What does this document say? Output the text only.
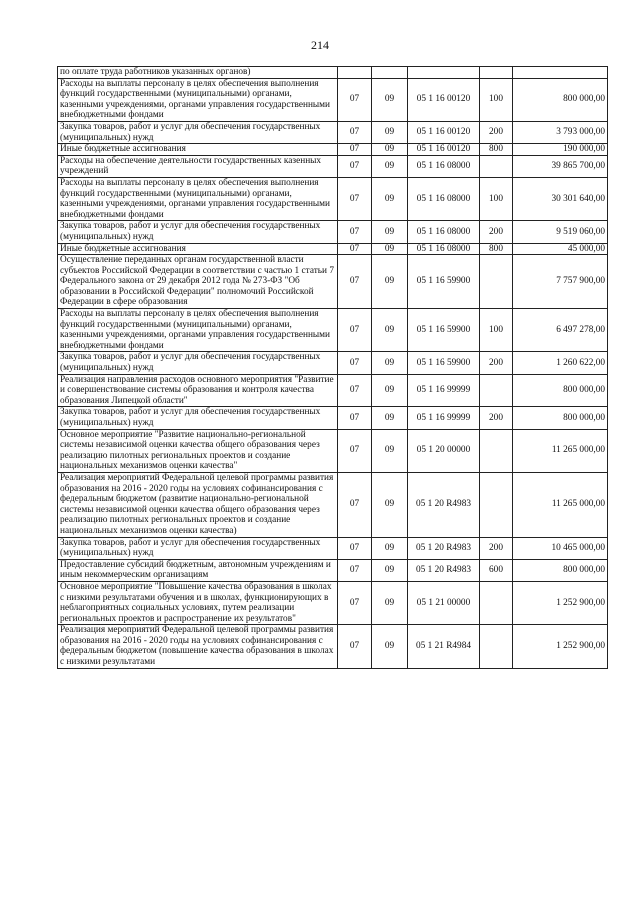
214
по оплате труда работников указанных органов)					
Расходы на выплаты персоналу в целях обеспечения выполнения функций государственными (муниципальными) органами, казенными учреждениями, органами управления государственными внебюджетными фондами	07	09	05 1 16 00120	100	800 000,00
Закупка товаров, работ и услуг для обеспечения государственных (муниципальных) нужд	07	09	05 1 16 00120	200	3 793 000,00
Иные бюджетные ассигнования	07	09	05 1 16 00120	800	190 000,00
Расходы на обеспечение деятельности государственных казенных учреждений	07	09	05 1 16 08000		39 865 700,00
Расходы на выплаты персоналу в целях обеспечения выполнения функций государственными (муниципальными) органами, казенными учреждениями, органами управления государственными внебюджетными фондами	07	09	05 1 16 08000	100	30 301 640,00
Закупка товаров, работ и услуг для обеспечения государственных (муниципальных) нужд	07	09	05 1 16 08000	200	9 519 060,00
Иные бюджетные ассигнования	07	09	05 1 16 08000	800	45 000,00
Осуществление переданных органам государственной власти субъектов Российской Федерации в соответствии с частью 1 статьи 7 Федерального закона от 29 декабря 2012 года № 273-ФЗ "Об образовании в Российской Федерации" полномочий Российской Федерации в сфере образования	07	09	05 1 16 59900		7 757 900,00
Расходы на выплаты персоналу в целях обеспечения выполнения функций государственными (муниципальными) органами, казенными учреждениями, органами управления государственными внебюджетными фондами	07	09	05 1 16 59900	100	6 497 278,00
Закупка товаров, работ и услуг для обеспечения государственных (муниципальных) нужд	07	09	05 1 16 59900	200	1 260 622,00
Реализация направления расходов основного мероприятия "Развитие и совершенствование системы образования и контроля качества образования Липецкой области"	07	09	05 1 16 99999		800 000,00
Закупка товаров, работ и услуг для обеспечения государственных (муниципальных) нужд	07	09	05 1 16 99999	200	800 000,00
Основное мероприятие "Развитие национально-региональной системы независимой оценки качества общего образования через реализацию пилотных региональных проектов и создание национальных механизмов оценки качества"	07	09	05 1 20 00000		11 265 000,00
Реализация мероприятий Федеральной целевой программы развития образования на 2016 - 2020 годы на условиях софинансирования с федеральным бюджетом (развитие национально-региональной системы независимой оценки качества общего образования через реализацию пилотных региональных проектов и создание национальных механизмов оценки качества)	07	09	05 1 20 R4983		11 265 000,00
Закупка товаров, работ и услуг для обеспечения государственных (муниципальных) нужд	07	09	05 1 20 R4983	200	10 465 000,00
Предоставление субсидий бюджетным, автономным учреждениям и иным некоммерческим организациям	07	09	05 1 20 R4983	600	800 000,00
Основное мероприятие "Повышение качества образования в школах с низкими результатами обучения и в школах, функционирующих в неблагоприятных социальных условиях, путем реализации региональных проектов и распространение их результатов"	07	09	05 1 21 00000		1 252 900,00
Реализация мероприятий Федеральной целевой программы развития образования на 2016 - 2020 годы на условиях софинансирования с федеральным бюджетом (повышение качества образования в школах с низкими результатами	07	09	05 1 21 R4984		1 252 900,00
